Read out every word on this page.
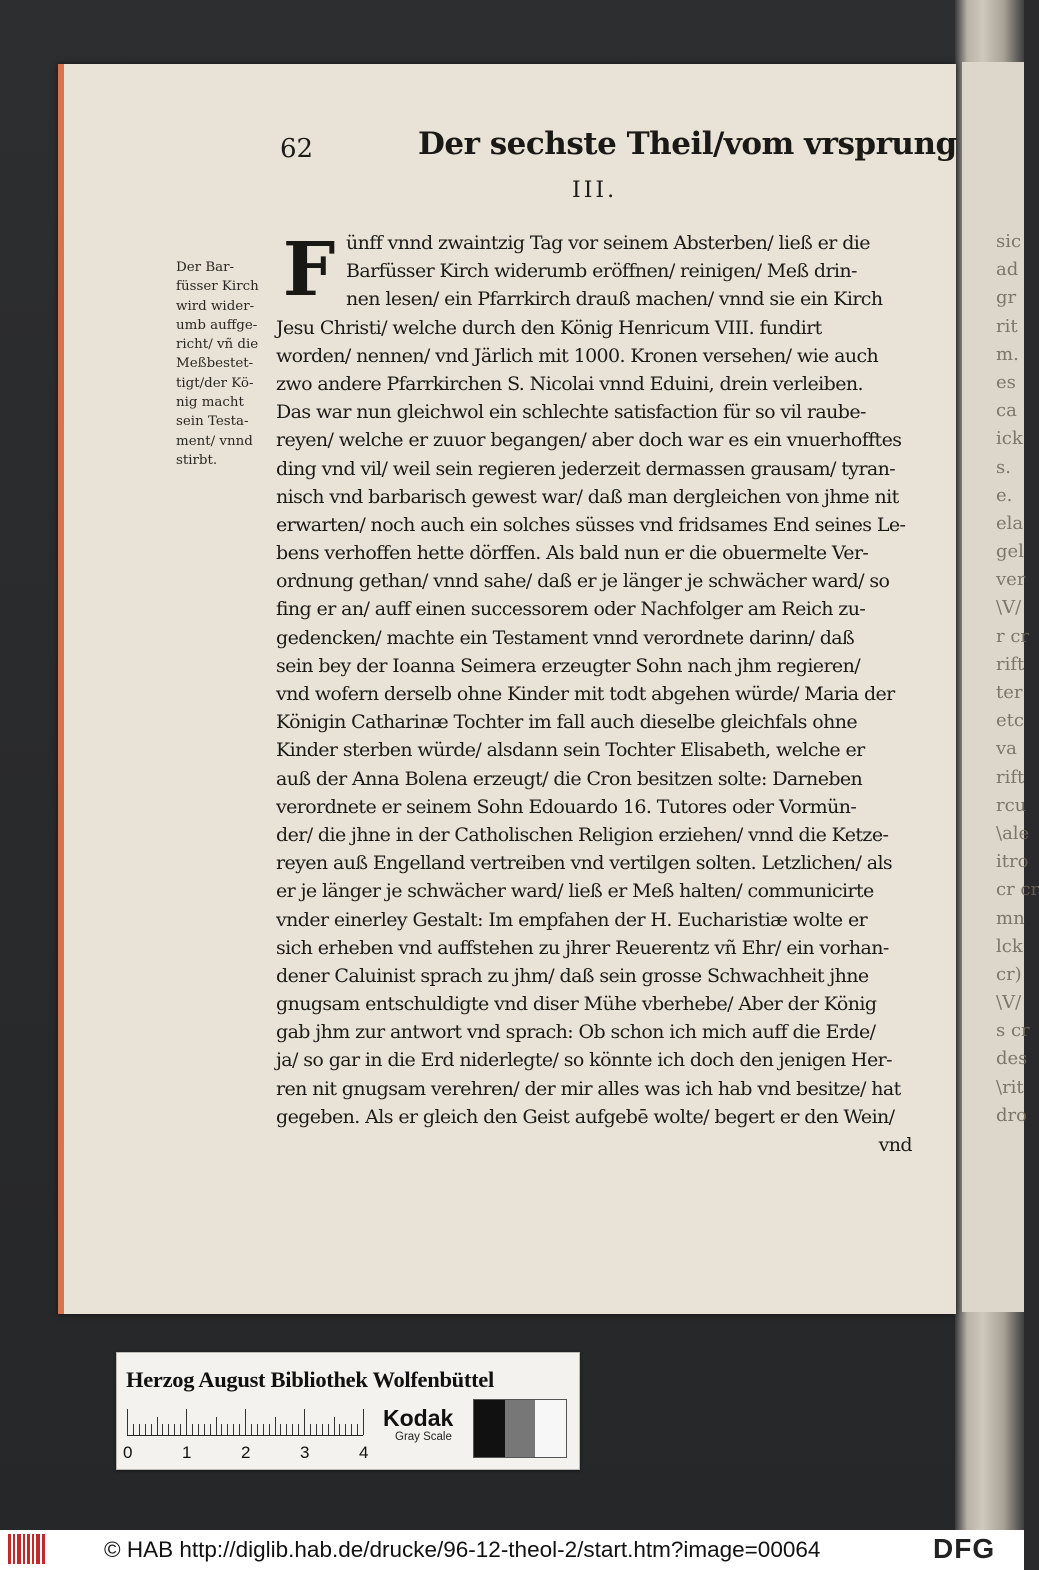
sic
ad
gr
rit
m.
es
ca
ick
s.
e.
ela
gel
ver
\V/
r cr
rift
ter
etc
va
rift
rcu
\ale
itro
cr cr
mn
lck
cr)
\V/
s cr
des
\rit
dro
62	Der sechste Theil/vom vrsprung
III.
Der Bar-
füsser Kirch
wird wider-
umb auffge-
richt/ vñ die
Meßbestet-
tigt/der Kö-
nig macht
sein Testa-
ment/ vnnd
stirbt.
F ünff vnnd zwaintzig Tag vor seinem Absterben/ ließ er die
Barfüsser Kirch widerumb eröffnen/ reinigen/ Meß drin-
nen lesen/ ein Pfarrkirch drauß machen/ vnnd sie ein Kirch
Jesu Christi/ welche durch den König Henricum VIII. fundirt
worden/ nennen/ vnd Järlich mit 1000. Kronen versehen/ wie auch
zwo andere Pfarrkirchen S. Nicolai vnnd Eduini, drein verleiben.
Das war nun gleichwol ein schlechte satisfaction für so vil raube-
reyen/ welche er zuuor begangen/ aber doch war es ein vnuerhofftes
ding vnd vil/ weil sein regieren jederzeit dermassen grausam/ tyran-
nisch vnd barbarisch gewest war/ daß man dergleichen von jhme nit
erwarten/ noch auch ein solches süsses vnd fridsames End seines Le-
bens verhoffen hette dörffen. Als bald nun er die obuermelte Ver-
ordnung gethan/ vnnd sahe/ daß er je länger je schwächer ward/ so
fing er an/ auff einen successorem oder Nachfolger am Reich zu-
gedencken/ machte ein Testament vnnd verordnete darinn/ daß
sein bey der Ioanna Seimera erzeugter Sohn nach jhm regieren/
vnd wofern derselb ohne Kinder mit todt abgehen würde/ Maria der
Königin Catharinæ Tochter im fall auch dieselbe gleichfals ohne
Kinder sterben würde/ alsdann sein Tochter Elisabeth, welche er
auß der Anna Bolena erzeugt/ die Cron besitzen solte: Darneben
verordnete er seinem Sohn Edouardo 16. Tutores oder Vormün-
der/ die jhne in der Catholischen Religion erziehen/ vnnd die Ketze-
reyen auß Engelland vertreiben vnd vertilgen solten. Letzlichen/ als
er je länger je schwächer ward/ ließ er Meß halten/ communicirte
vnder einerley Gestalt: Im empfahen der H. Eucharistiæ wolte er
sich erheben vnd auffstehen zu jhrer Reuerentz vñ Ehr/ ein vorhan-
dener Caluinist sprach zu jhm/ daß sein grosse Schwachheit jhne
gnugsam entschuldigte vnd diser Mühe vberhebe/ Aber der König
gab jhm zur antwort vnd sprach: Ob schon ich mich auff die Erde/
ja/ so gar in die Erd niderlegte/ so könnte ich doch den jenigen Her-
ren nit gnugsam verehren/ der mir alles was ich hab vnd besitze/ hat
gegeben. Als er gleich den Geist aufgebē wolte/ begert er den Wein/
vnd
Herzog August Bibliothek Wolfenbüttel
0	1	2	3	4
Kodak
Gray Scale
© HAB http://diglib.hab.de/drucke/96-12-theol-2/start.htm?image=00064	DFG
